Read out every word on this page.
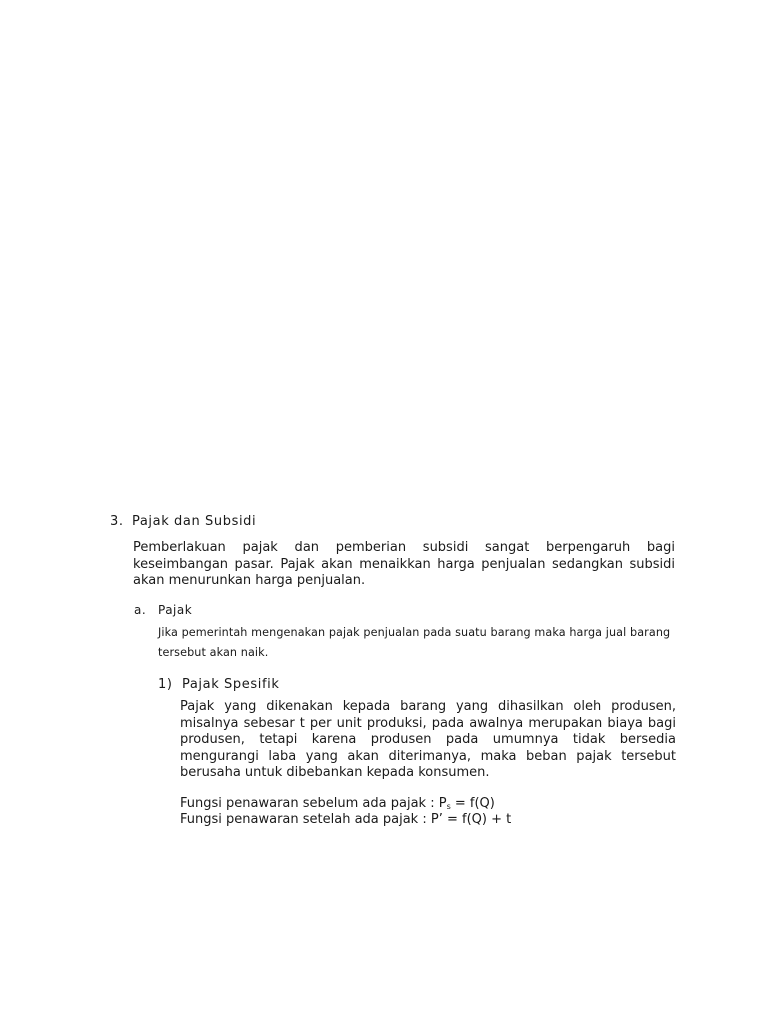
3. Pajak dan Subsidi

Pemberlakuan pajak dan pemberian subsidi sangat berpengaruh bagi keseimbangan pasar. Pajak akan menaikkan harga penjualan sedangkan subsidi akan menurunkan harga penjualan.

a. Pajak

Jika pemerintah mengenakan pajak penjualan pada suatu barang maka harga jual barang tersebut akan naik.

1) Pajak Spesifik

Pajak yang dikenakan kepada barang yang dihasilkan oleh produsen, misalnya sebesar t per unit produksi, pada awalnya merupakan biaya bagi produsen, tetapi karena produsen pada umumnya tidak bersedia mengurangi laba yang akan diterimanya, maka beban pajak tersebut berusaha untuk dibebankan kepada konsumen.

Fungsi penawaran sebelum ada pajak : $P_s = f(Q)$
Fungsi penawaran setelah ada pajak : P’ = f(Q) + t
